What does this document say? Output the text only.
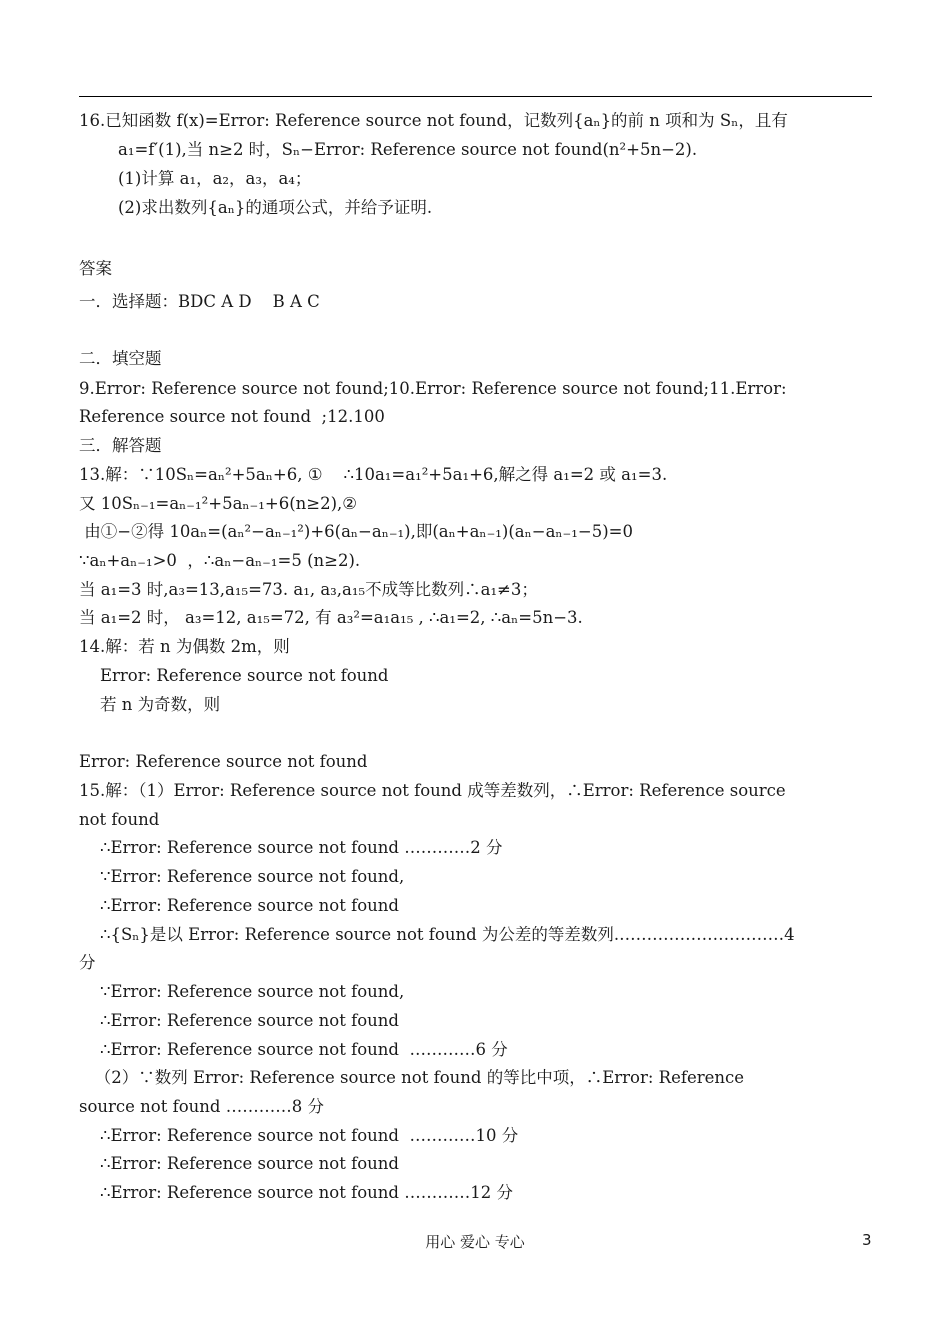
16.已知函数 f(x)=Error: Reference source not found，记数列{aₙ}的前 n 项和为 Sₙ，且有
a₁=f′(1),当 n≥2 时，Sₙ−Error: Reference source not found(n²+5n−2).
(1)计算 a₁，a₂，a₃，a₄；
(2)求出数列{aₙ}的通项公式，并给予证明.
答案
一．选择题：BDC A D    B A C
二．填空题
9.Error: Reference source not found;10.Error: Reference source not found;11.Error:
Reference source not found  ;12.100
三．解答题
13.解：∵10Sₙ=aₙ²+5aₙ+6, ①    ∴10a₁=a₁²+5a₁+6,解之得 a₁=2 或 a₁=3.
又 10Sₙ₋₁=aₙ₋₁²+5aₙ₋₁+6(n≥2),②
由①−②得 10aₙ=(aₙ²−aₙ₋₁²)+6(aₙ−aₙ₋₁),即(aₙ+aₙ₋₁)(aₙ−aₙ₋₁−5)=0
∵aₙ+aₙ₋₁>0  ，∴aₙ−aₙ₋₁=5 (n≥2).
当 a₁=3 时,a₃=13,a₁₅=73. a₁, a₃,a₁₅不成等比数列∴a₁≠3；
当 a₁=2 时， a₃=12, a₁₅=72, 有 a₃²=a₁a₁₅ , ∴a₁=2, ∴aₙ=5n−3.
14.解：若 n 为偶数 2m，则
Error: Reference source not found
若 n 为奇数，则
Error: Reference source not found
15.解：（1）Error: Reference source not found 成等差数列，∴Error: Reference source
not found
∴Error: Reference source not found …………2 分
∵Error: Reference source not found,
∴Error: Reference source not found
∴{Sₙ}是以 Error: Reference source not found 为公差的等差数列.…………………………4
分
∵Error: Reference source not found,
∴Error: Reference source not found
∴Error: Reference source not found  …………6 分
（2）∵数列 Error: Reference source not found 的等比中项，∴Error: Reference
source not found …………8 分
∴Error: Reference source not found  …………10 分
∴Error: Reference source not found
∴Error: Reference source not found …………12 分
用心 爱心 专心	3
